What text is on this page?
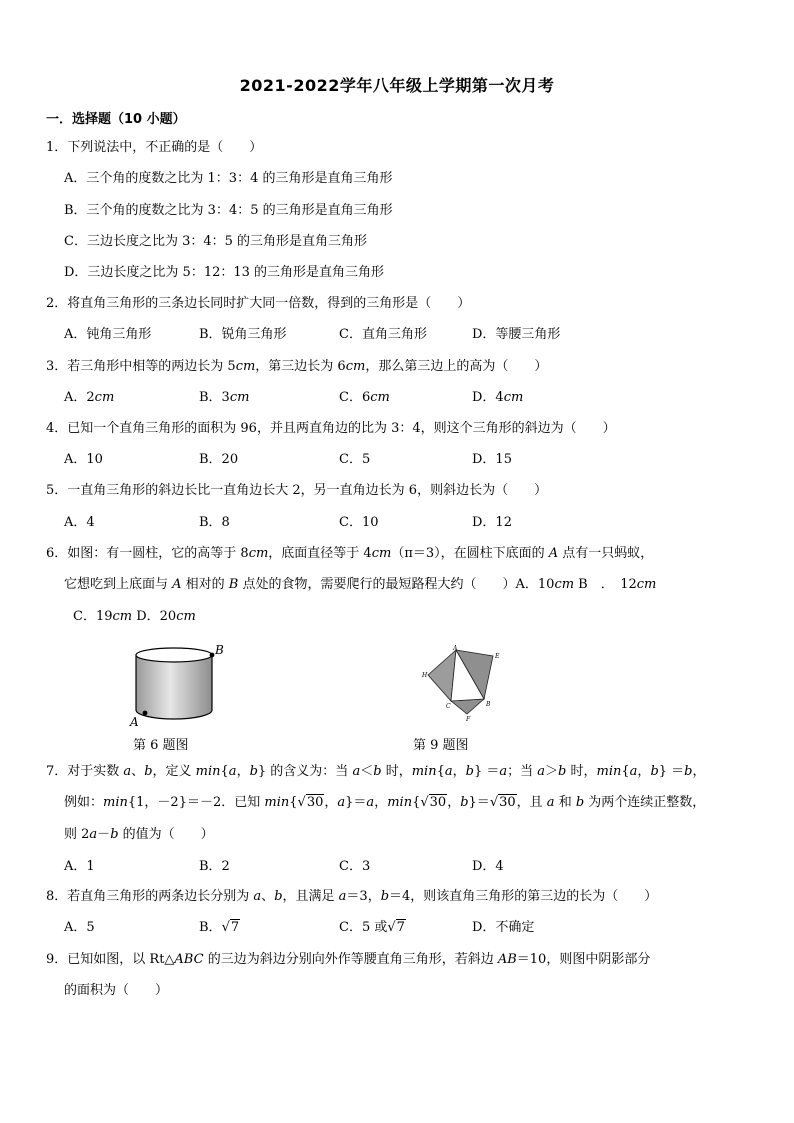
2021-2022学年八年级上学期第一次月考
一．选择题（10 小题）
1．下列说法中，不正确的是（　　）
A．三个角的度数之比为 1：3：4 的三角形是直角三角形
B．三个角的度数之比为 3：4：5 的三角形是直角三角形
C．三边长度之比为 3：4：5 的三角形是直角三角形
D．三边长度之比为 5：12：13 的三角形是直角三角形
2．将直角三角形的三条边长同时扩大同一倍数，得到的三角形是（　　）
A．钝角三角形	B．锐角三角形	C．直角三角形	D．等腰三角形
3．若三角形中相等的两边长为 5cm，第三边长为 6cm，那么第三边上的高为（　　）
A．2cm	B．3cm	C．6cm	D．4cm
4．已知一个直角三角形的面积为 96，并且两直角边的比为 3：4，则这个三角形的斜边为（　　）
A．10	B．20	C．5	D．15
5．一直角三角形的斜边长比一直角边长大 2，另一直角边长为 6，则斜边长为（　　）
A．4	B．8	C．10	D．12
6．如图：有一圆柱，它的高等于 8cm，底面直径等于 4cm（π＝3），在圆柱下底面的 A 点有一只蚂蚁，
它想吃到上底面与 A 相对的 B 点处的食物，需要爬行的最短路程大约（　　）A．10cm B　．　12cm
C．19cm D．20cm
B
A
第 6 题图
A
B
C
E
F
H
第 9 题图
7．对于实数 a、b，定义 min{a，b} 的含义为：当 a＜b 时，min{a，b} ＝a；当 a＞b 时，min{a，b} ＝b，
例如：min{1，－2}＝－2．已知 min{√30，a}＝a，min{√30，b}＝√30，且 a 和 b 为两个连续正整数，
则 2a－b 的值为（　　）
A．1	B．2	C．3	D．4
8．若直角三角形的两条边长分别为 a、b，且满足 a＝3，b＝4，则该直角三角形的第三边的长为（　　）
A．5	B．√7	C．5 或√7	D．不确定
9．已知如图，以 Rt△ABC 的三边为斜边分别向外作等腰直角三角形，若斜边 AB＝10，则图中阴影部分
的面积为（　　）
